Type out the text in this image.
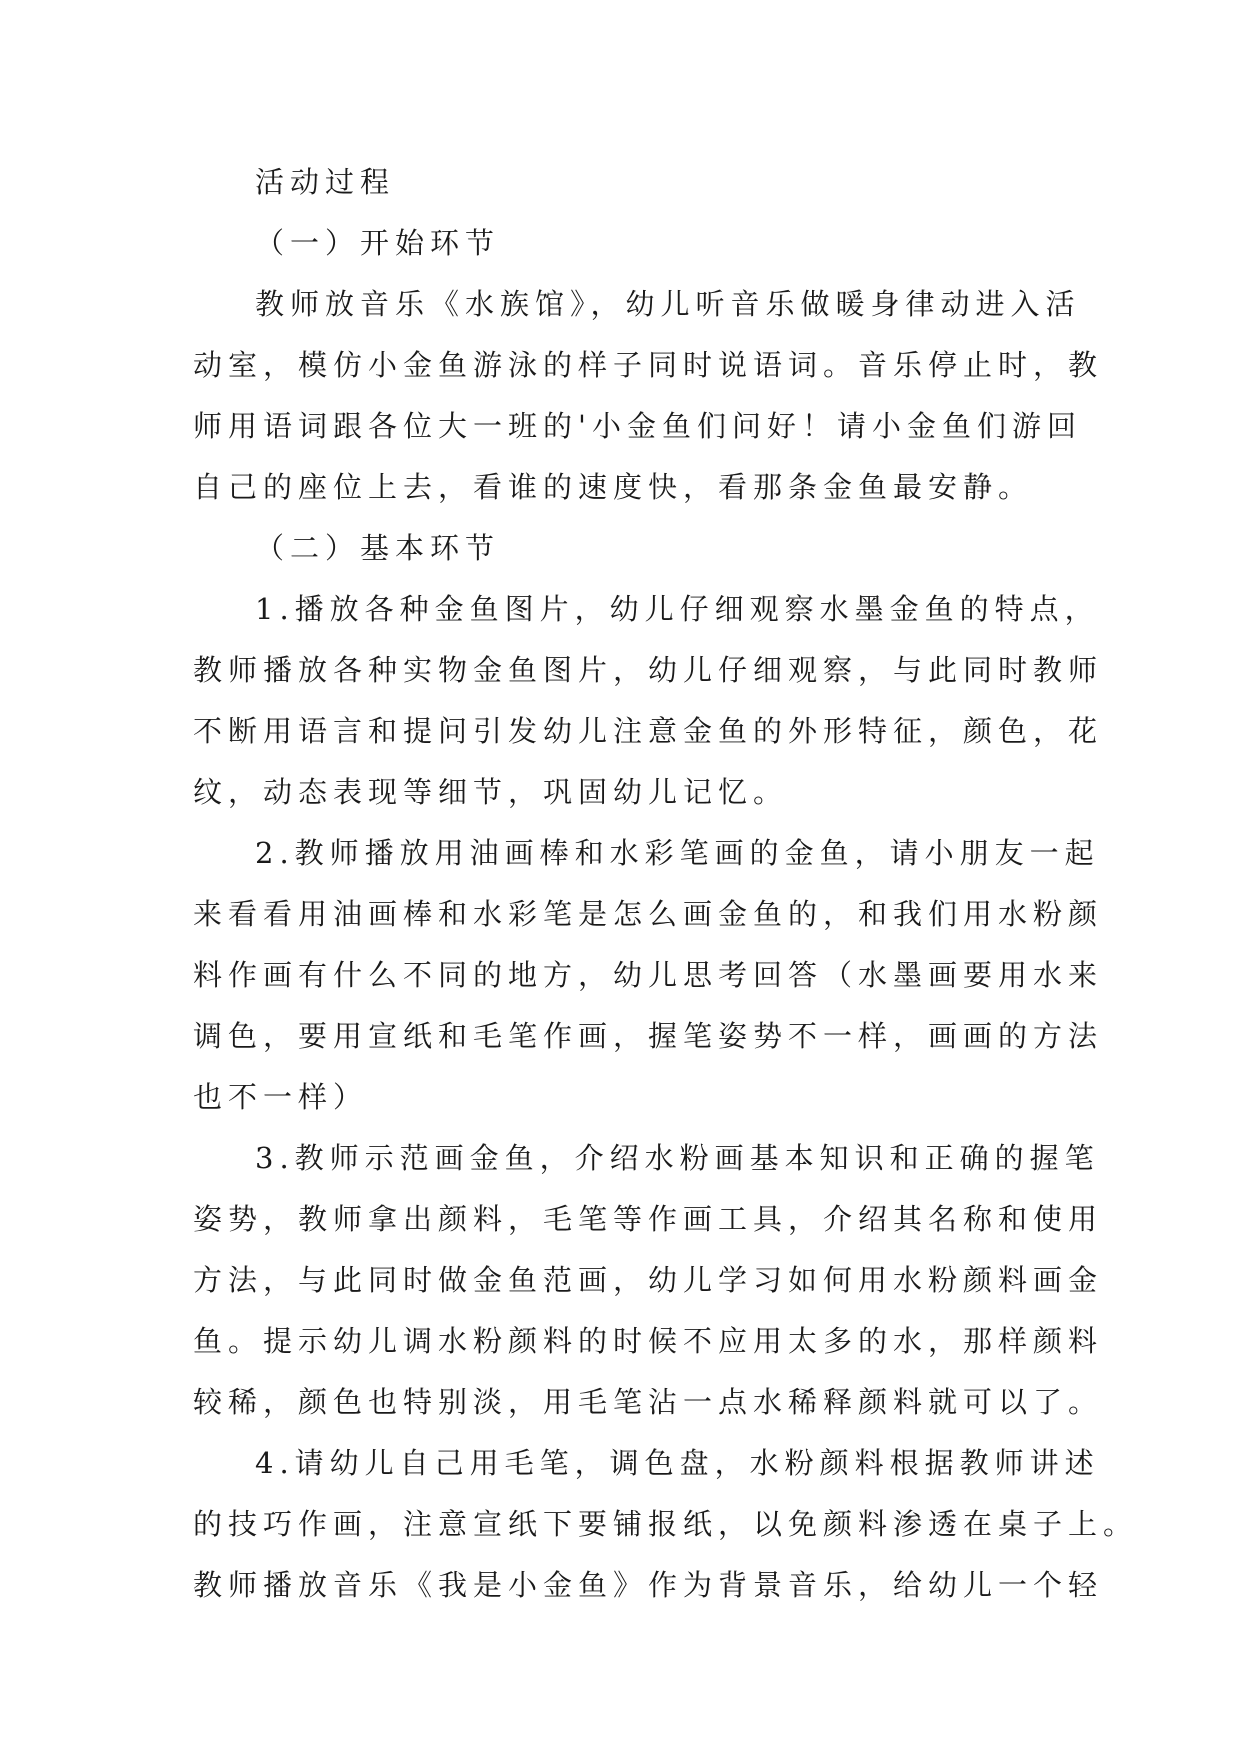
活动过程
（一）开始环节
教师放音乐《水族馆》，幼儿听音乐做暖身律动进入活
动室，模仿小金鱼游泳的样子同时说语词。音乐停止时，教
师用语词跟各位大一班的'小金鱼们问好！请小金鱼们游回
自己的座位上去，看谁的速度快，看那条金鱼最安静。
（二）基本环节
1.播放各种金鱼图片，幼儿仔细观察水墨金鱼的特点，
教师播放各种实物金鱼图片，幼儿仔细观察，与此同时教师
不断用语言和提问引发幼儿注意金鱼的外形特征，颜色，花
纹，动态表现等细节，巩固幼儿记忆。
2.教师播放用油画棒和水彩笔画的金鱼，请小朋友一起
来看看用油画棒和水彩笔是怎么画金鱼的，和我们用水粉颜
料作画有什么不同的地方，幼儿思考回答（水墨画要用水来
调色，要用宣纸和毛笔作画，握笔姿势不一样，画画的方法
也不一样）
3.教师示范画金鱼，介绍水粉画基本知识和正确的握笔
姿势，教师拿出颜料，毛笔等作画工具，介绍其名称和使用
方法，与此同时做金鱼范画，幼儿学习如何用水粉颜料画金
鱼。提示幼儿调水粉颜料的时候不应用太多的水，那样颜料
较稀，颜色也特别淡，用毛笔沾一点水稀释颜料就可以了。
4.请幼儿自己用毛笔，调色盘，水粉颜料根据教师讲述
的技巧作画，注意宣纸下要铺报纸，以免颜料渗透在桌子上。
教师播放音乐《我是小金鱼》作为背景音乐，给幼儿一个轻
